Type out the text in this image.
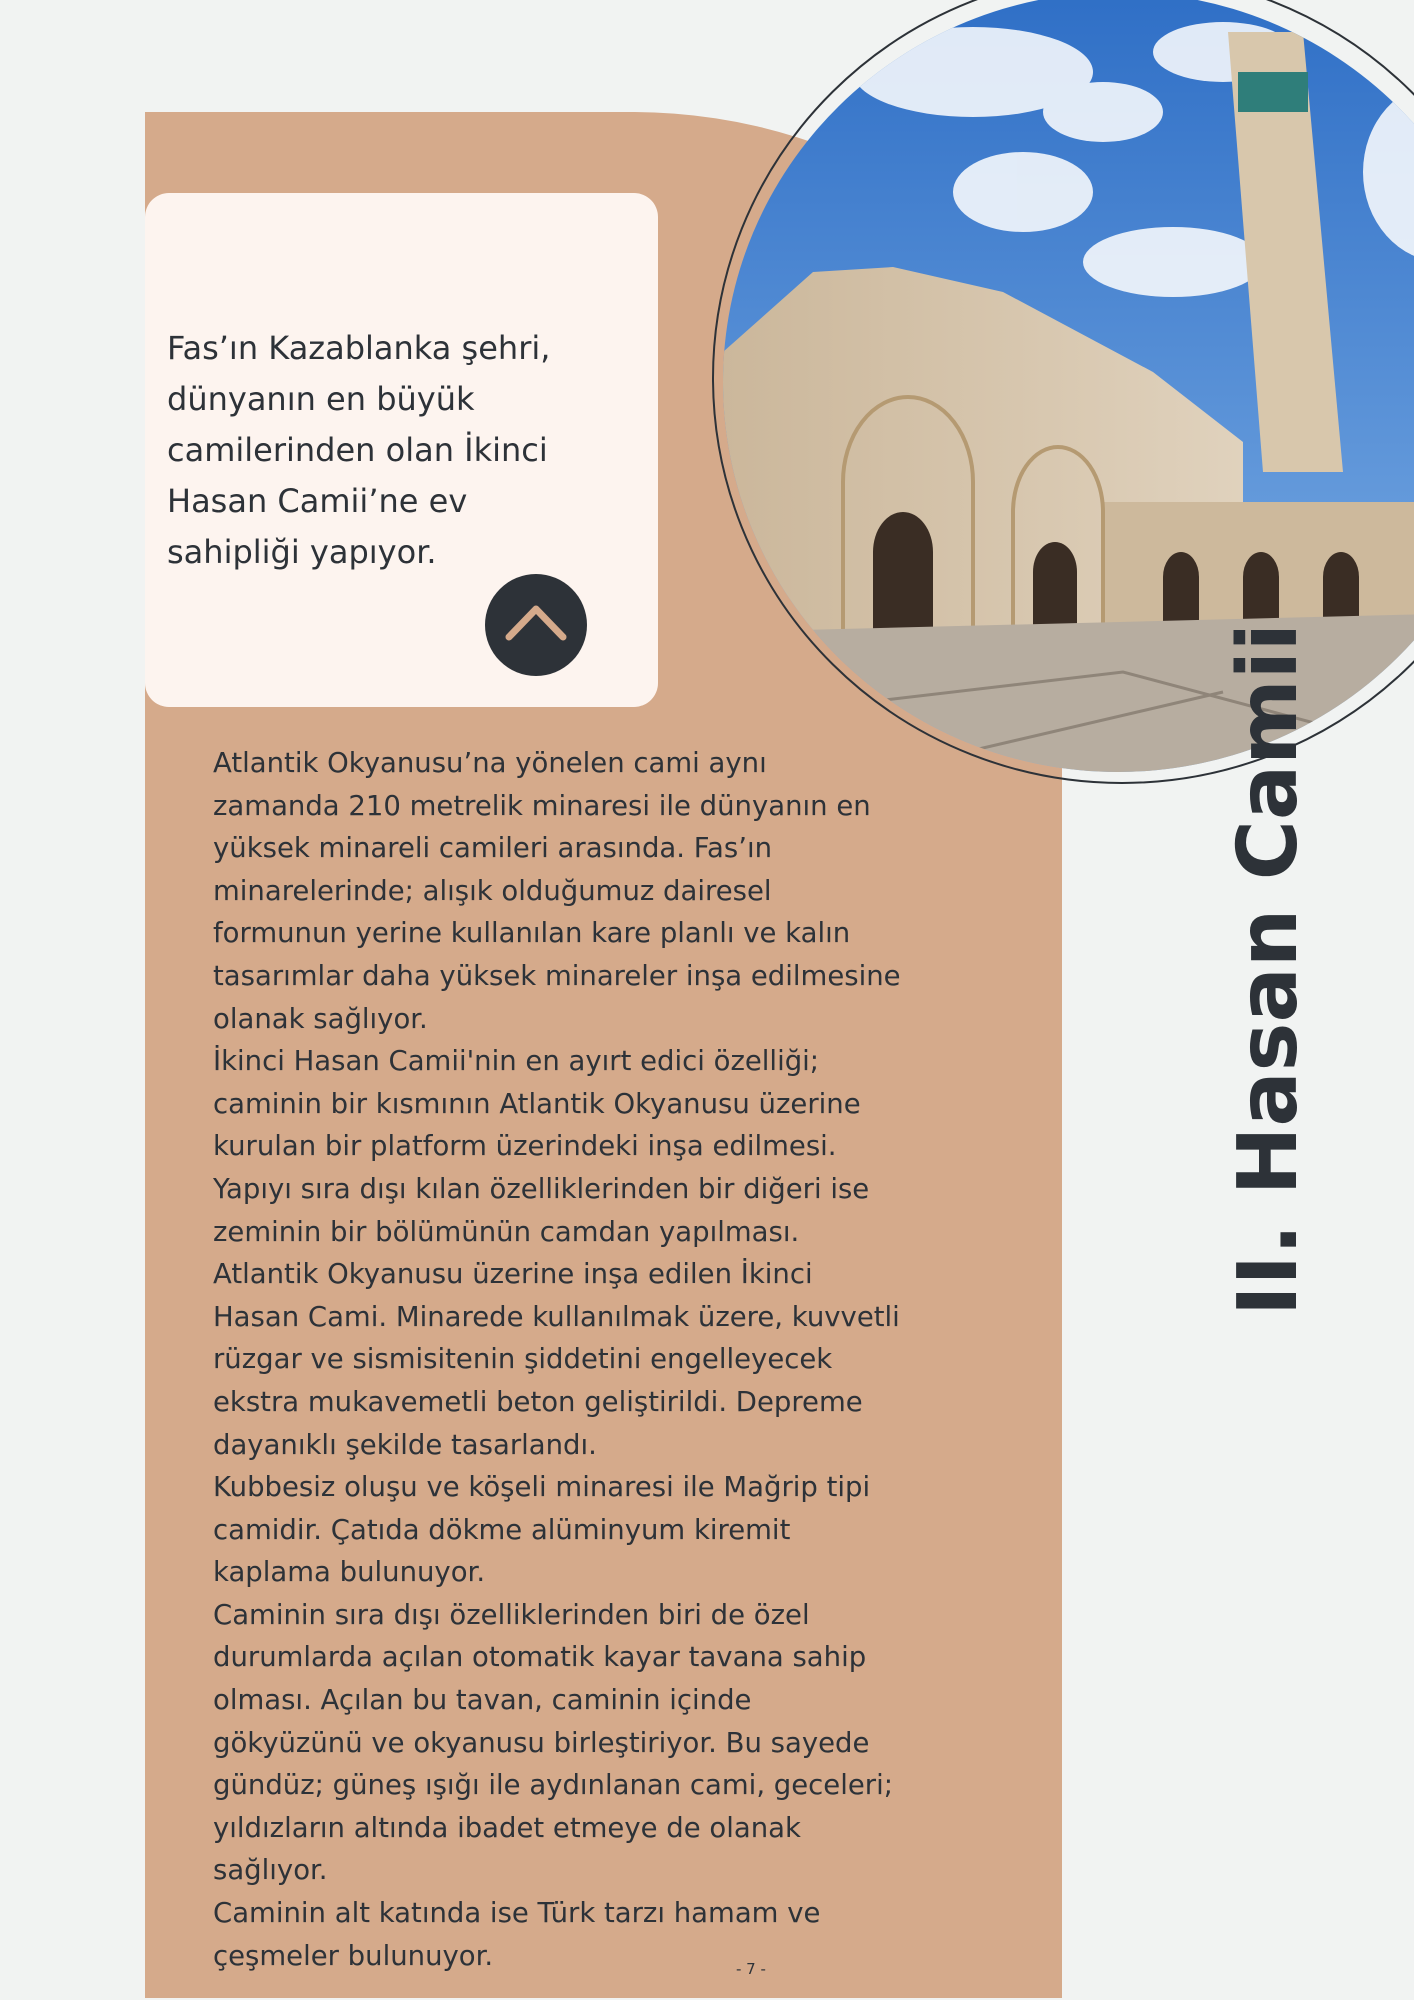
Fas’ın Kazablanka şehri,
dünyanın en büyük
camilerinden olan İkinci
Hasan Camii’ne ev
sahipliği yapıyor.
Atlantik Okyanusu’na yönelen cami aynı
zamanda 210 metrelik minaresi ile dünyanın en
yüksek minareli camileri arasında. Fas’ın
minarelerinde; alışık olduğumuz dairesel
formunun yerine kullanılan kare planlı ve kalın
tasarımlar daha yüksek minareler inşa edilmesine
olanak sağlıyor.
İkinci Hasan Camii'nin en ayırt edici özelliği;
caminin bir kısmının Atlantik Okyanusu üzerine
kurulan bir platform üzerindeki inşa edilmesi.
Yapıyı sıra dışı kılan özelliklerinden bir diğeri ise
zeminin bir bölümünün camdan yapılması.
Atlantik Okyanusu üzerine inşa edilen İkinci
Hasan Cami. Minarede kullanılmak üzere, kuvvetli
rüzgar ve sismisitenin şiddetini engelleyecek
ekstra mukavemetli beton geliştirildi. Depreme
dayanıklı şekilde tasarlandı.
Kubbesiz oluşu ve köşeli minaresi ile Mağrip tipi
camidir. Çatıda dökme alüminyum kiremit
kaplama bulunuyor.
Caminin sıra dışı özelliklerinden biri de özel
durumlarda açılan otomatik kayar tavana sahip
olması. Açılan bu tavan, caminin içinde
gökyüzünü ve okyanusu birleştiriyor. Bu sayede
gündüz; güneş ışığı ile aydınlanan cami, geceleri;
yıldızların altında ibadet etmeye de olanak
sağlıyor.
Caminin alt katında ise Türk tarzı hamam ve
çeşmeler bulunuyor.
II. Hasan Camii
- 7 -
